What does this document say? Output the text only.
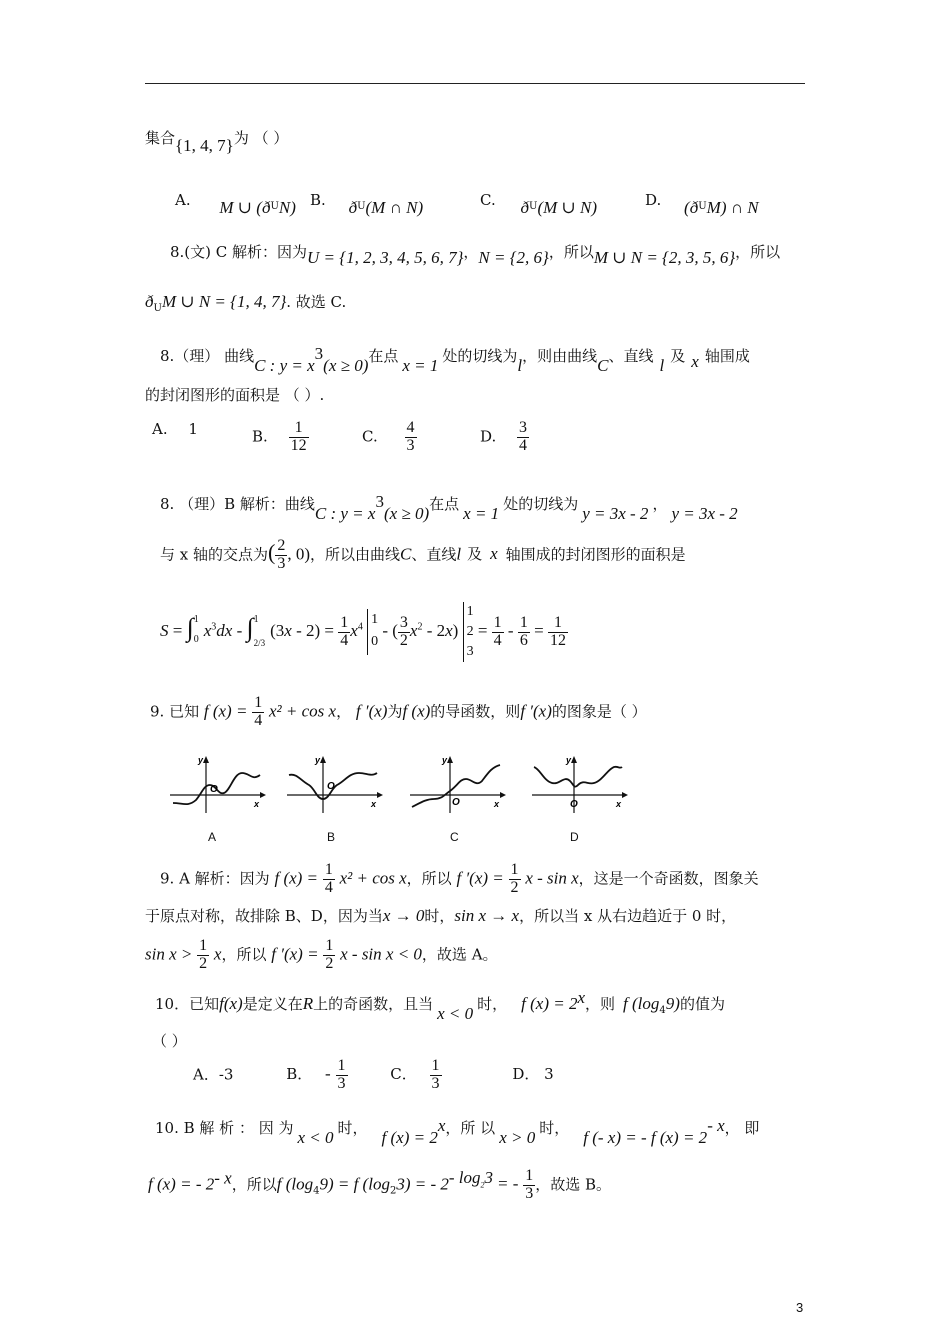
集合{1, 4, 7}为 （ ）
A. M ∪ $(ð_UN)$ B. $ð_U(M$ ∩ N)	C. $ð_U(M$ ∪ N)	D. $(ð_UM)$ ∩ N
8.(文) C 解析：因为U = {1, 2, 3, 4, 5, 6, 7}，N = {2, 6}，所以M ∪ N = {2, 3, 5, 6}，所以
$ð_UM$ ∪ N = {1, 4, 7}. 故选 C.
8.（理） 曲线C : $y = x^3(x \ge 0)$在点 x = 1 处的切线为l，则由曲线C、直线 l 及 x 轴围成
的封闭图形的面积是 （ ）.
A. 1	B. $\frac{1}{12}$	C. $\frac{4}{3}$	D. $\frac{3}{4}$
8. （理）B 解析：曲线C : $y = x^3(x \ge 0)$在点 x = 1 处的切线为 y = 3x - 2 ， y = 3x - 2
与 x 轴的交点为( $\frac{2}{3}$ , 0)，所以由曲线C、直线l 及 x 轴围成的封闭图形的面积是
S = ∫$^1_0$ $x^3dx - \int^1_{2/3}(3x - 2) = \frac{1}{4} x^4$ 1
0 - ( $\frac{3}{2} x^2 - 2x$) 1
2
$3 = \frac{1}{4} - \frac{1}{6} = \frac{1}{12}$
9. 已知 f $(x) = \frac{1}{4} x^2 + \cos x$， f ′(x)为f (x)的导函数，则f ′(x)的图象是（ ）
y
x
O
y
x
O
y
x
O
y
x
O
A	B	C	D
9. A 解析：因为 f $(x) = \frac{1}{4} x^2 + \cos x$，所以 f $'(x) = \frac{1}{2}$ x - sin x，这是一个奇函数，图象关
于原点对称，故排除 B、D，因为当x → 0时，sin x → x，所以当 x 从右边趋近于 0 时，
$\sin x > \frac{1}{2}$ x，所以 f $'(x) = \frac{1}{2}$ x - sin x < 0，故选 A。
10．已知f(x)是定义在R上的奇函数，且当 x < 0 时， f $(x) = 2^x$，则 f $(\log_49)$的值为
（ ）
A．-3	B． - $\frac{1}{3}$	C． $\frac{1}{3}$	D． 3
10. B 解 析 ： 因 为 x < 0 时， f $(x) = 2^x$，所 以 x > 0 时， f (- x) = - f $(x) = 2^{- x}$， 即
f (x) = - $2^{- x}$，所以f $(\log_49) = f$ $(\log_23)$ = - $2^{- log_23}$ = - $\frac{1}{3}$ ，故选 B。
3
